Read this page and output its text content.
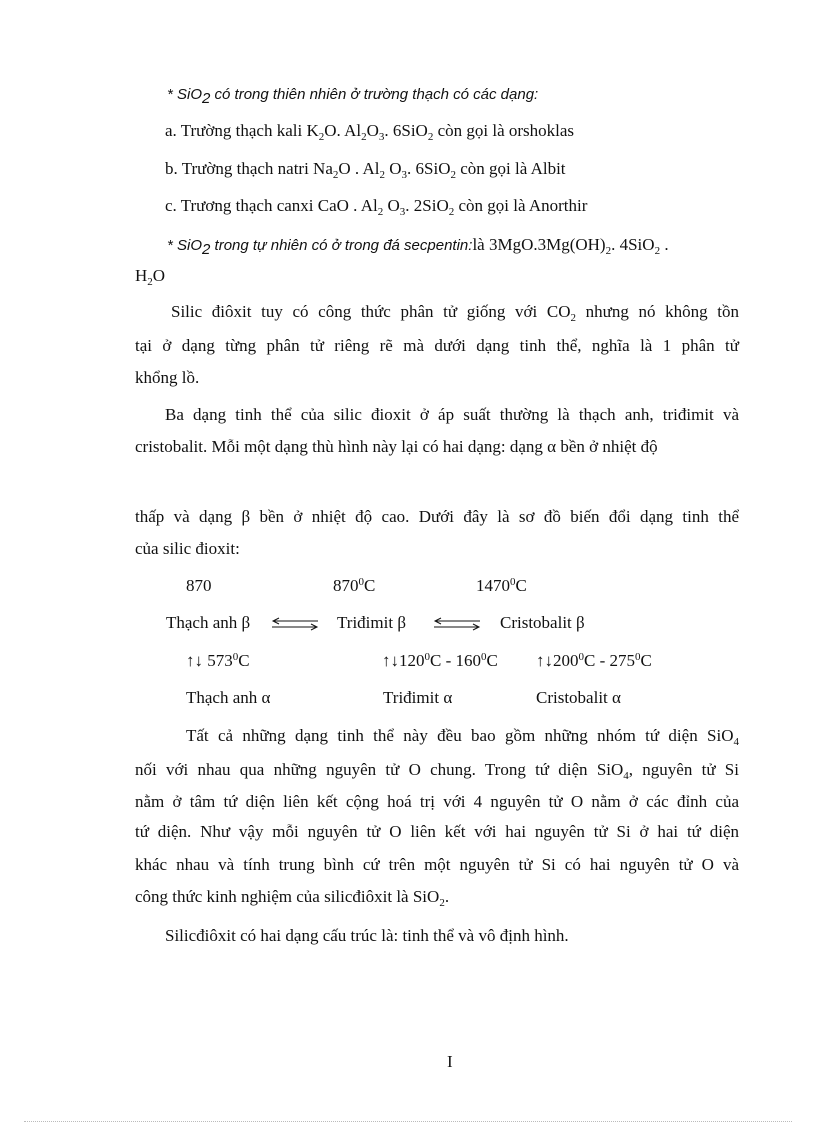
* SiO$_2$ có trong thiên nhiên ở trường thạch có các dạng:
a. Trường thạch kali $K_2O$. $Al_2O_3$. 6SiO$_2$ còn gọi là orshoklas
b. Trường thạch natri $Na_2O$ . $Al_2$ $O_3$. 6SiO$_2$ còn gọi là Albit
c. Trương thạch canxi CaO . $Al_2$ $O_3$. 2SiO$_2$ còn gọi là Anorthir
* SiO$_2$ trong tự nhiên có ở trong đá secpentin:là $3MgO.3Mg(OH)_2$. 4SiO$_2$ .
$H_2O$
Silic điôxit tuy có công thức phân tử giống với $CO_2$ nhưng nó không tồn
tại ở dạng từng phân tử riêng rẽ mà dưới dạng tinh thể, nghĩa là 1 phân tử
khổng lồ.
Ba dạng tinh thể của silic đioxit ở áp suất thường là thạch anh, triđimit và
cristobalit. Mỗi một dạng thù hình này lại có hai dạng: dạng α bền ở nhiệt độ
thấp và dạng β bền ở nhiệt độ cao. Dưới đây là sơ đồ biến đổi dạng tinh thể
của silic đioxit:
870	$870^0C$	1470$^0$C
Thạch anh β ⇌ Triđimit β ⇌ Cristobalit β
↑↓ $573^0C$	$↑↓120^0C - 160^0C$ $↑↓200^0C - 275^0C$
Thạch anh α	Triđimit α	Cristobalit α
Tất cả những dạng tinh thể này đều bao gồm những nhóm tứ diện SiO$_4$
nối với nhau qua những nguyên tử O chung. Trong tứ diện SiO$_4$, nguyên tử Si
nằm ở tâm tứ diện liên kết cộng hoá trị với 4 nguyên tử O nằm ở các đỉnh của
tứ diện. Như vậy mỗi nguyên tử O liên kết với hai nguyên tử Si ở hai tứ diện
khác nhau và tính trung bình cứ trên một nguyên tử Si có hai nguyên tử O và
công thức kinh nghiệm của silicđiôxit là SiO$_2$.
Silicđiôxit có hai dạng cấu trúc là: tinh thể và vô định hình.
I
